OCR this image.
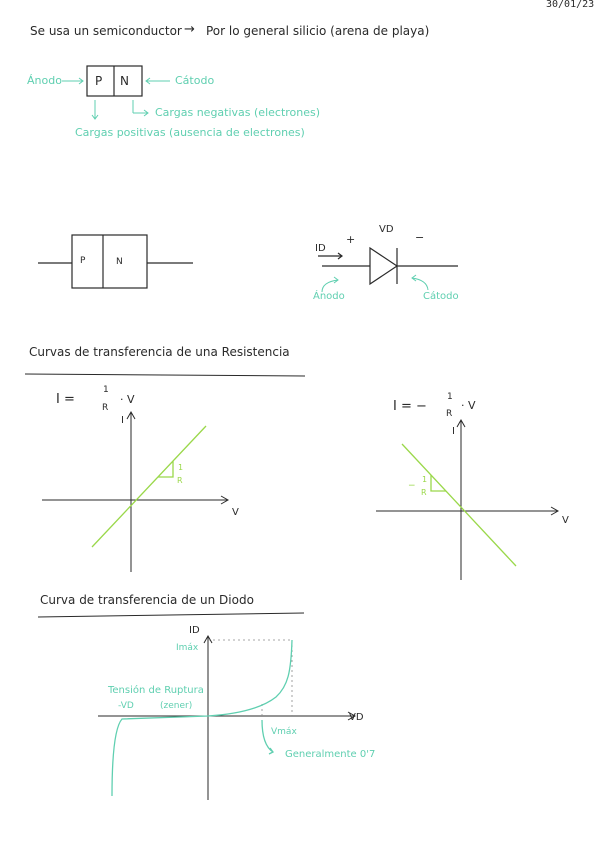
30/01/23
Se usa un semiconductor → Por lo general silicio (arena de playa)
Ánodo	P N	Cátodo
Cargas negativas (electrones)
Cargas positivas (ausencia de electrones)
P	N
+
VD
−
ID
Ánodo	Cátodo
Curvas de transferencia de una Resistencia
I =
1
R
· V
I
V
1
R
I = −
1
R
· V
I
V
−
1
R
Curva de transferencia de un Diodo
ID
VD
Imáx
Tensión de Ruptura
-VD	(zener)
Vmáx
Generalmente 0'7
